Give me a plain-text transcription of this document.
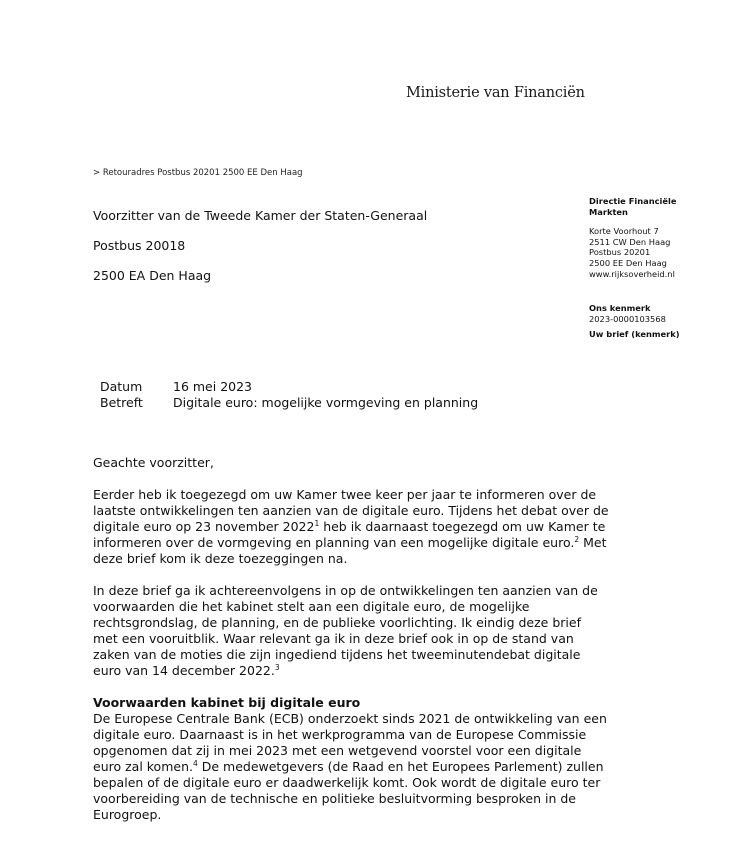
Ministerie van Financiën
> Retouradres Postbus 20201 2500 EE Den Haag
Voorzitter van de Tweede Kamer der Staten-Generaal
Postbus 20018
2500 EA Den Haag
Directie Financiële
Markten
Korte Voorhout 7
2511 CW Den Haag
Postbus 20201
2500 EE Den Haag
www.rijksoverheid.nl
Ons kenmerk
2023-0000103568
Uw brief (kenmerk)
Datum	16 mei 2023
Betreft	Digitale euro: mogelijke vormgeving en planning

Geachte voorzitter,

Eerder heb ik toegezegd om uw Kamer twee keer per jaar te informeren over de
laatste ontwikkelingen ten aanzien van de digitale euro. Tijdens het debat over de
digitale euro op 23 november 2022$^1$ heb ik daarnaast toegezegd om uw Kamer te
informeren over de vormgeving en planning van een mogelijke digitale euro.$^2$ Met
deze brief kom ik deze toezeggingen na.

In deze brief ga ik achtereenvolgens in op de ontwikkelingen ten aanzien van de
voorwaarden die het kabinet stelt aan een digitale euro, de mogelijke
rechtsgrondslag, de planning, en de publieke voorlichting. Ik eindig deze brief
met een vooruitblik. Waar relevant ga ik in deze brief ook in op de stand van
zaken van de moties die zijn ingediend tijdens het tweeminutendebat digitale
euro van 14 december 2022.$^3$

Voorwaarden kabinet bij digitale euro

De Europese Centrale Bank (ECB) onderzoekt sinds 2021 de ontwikkeling van een
digitale euro. Daarnaast is in het werkprogramma van de Europese Commissie
opgenomen dat zij in mei 2023 met een wetgevend voorstel voor een digitale
euro zal komen.$^4$ De medewetgevers (de Raad en het Europees Parlement) zullen
bepalen of de digitale euro er daadwerkelijk komt. Ook wordt de digitale euro ter
voorbereiding van de technische en politieke besluitvorming besproken in de
Eurogroep.
